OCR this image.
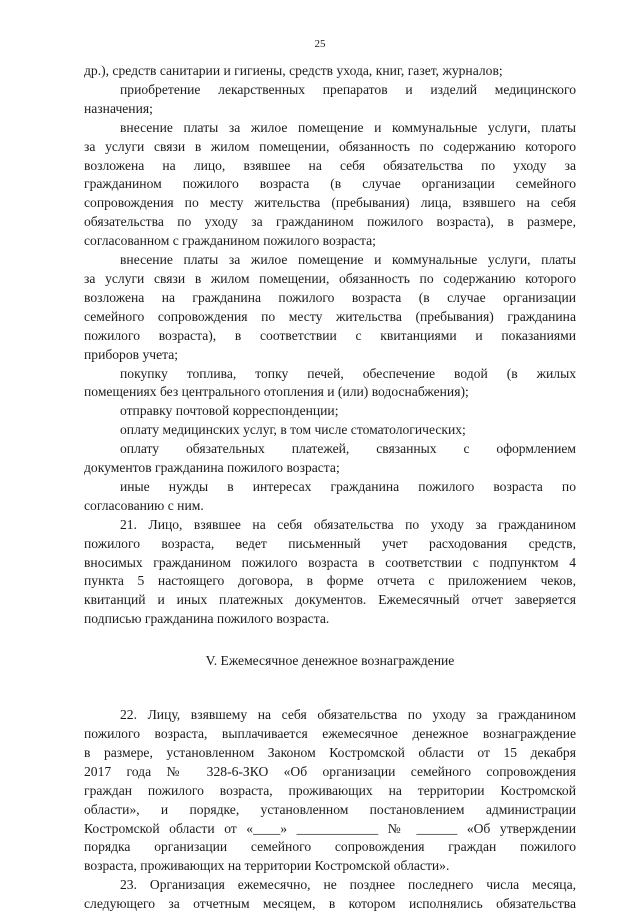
25
др.), средств санитарии и гигиены, средств ухода, книг, газет, журналов;
приобретение лекарственных препаратов и изделий медицинского
назначения;
внесение платы за жилое помещение и коммунальные услуги, платы
за услуги связи в жилом помещении, обязанность по содержанию которого
возложена на лицо, взявшее на себя обязательства по уходу за
гражданином пожилого возраста (в случае организации семейного
сопровождения по месту жительства (пребывания) лица, взявшего на себя
обязательства по уходу за гражданином пожилого возраста), в размере,
согласованном с гражданином пожилого возраста;
внесение платы за жилое помещение и коммунальные услуги, платы
за услуги связи в жилом помещении, обязанность по содержанию которого
возложена на гражданина пожилого возраста (в случае организации
семейного сопровождения по месту жительства (пребывания) гражданина
пожилого возраста), в соответствии с квитанциями и показаниями
приборов учета;
покупку топлива, топку печей, обеспечение водой (в жилых
помещениях без центрального отопления и (или) водоснабжения);
отправку почтовой корреспонденции;
оплату медицинских услуг, в том числе стоматологических;
оплату обязательных платежей, связанных с оформлением
документов гражданина пожилого возраста;
иные нужды в интересах гражданина пожилого возраста по
согласованию с ним.
21. Лицо, взявшее на себя обязательства по уходу за гражданином
пожилого возраста, ведет письменный учет расходования средств,
вносимых гражданином пожилого возраста в соответствии с подпунктом 4
пункта 5 настоящего договора, в форме отчета с приложением чеков,
квитанций и иных платежных документов. Ежемесячный отчет заверяется
подписью гражданина пожилого возраста.
V. Ежемесячное денежное вознаграждение
22. Лицу, взявшему на себя обязательства по уходу за гражданином
пожилого возраста, выплачивается ежемесячное денежное вознаграждение
в размере, установленном Законом Костромской области от 15 декабря
2017 года № 328-6-ЗКО «Об организации семейного сопровождения
граждан пожилого возраста, проживающих на территории Костромской
области», и порядке, установленном постановлением администрации
Костромской области от «____» ____________ № ______ «Об утверждении
порядка организации семейного сопровождения граждан пожилого
возраста, проживающих на территории Костромской области».
23. Организация ежемесячно, не позднее последнего числа месяца,
следующего за отчетным месяцем, в котором исполнялись обязательства
